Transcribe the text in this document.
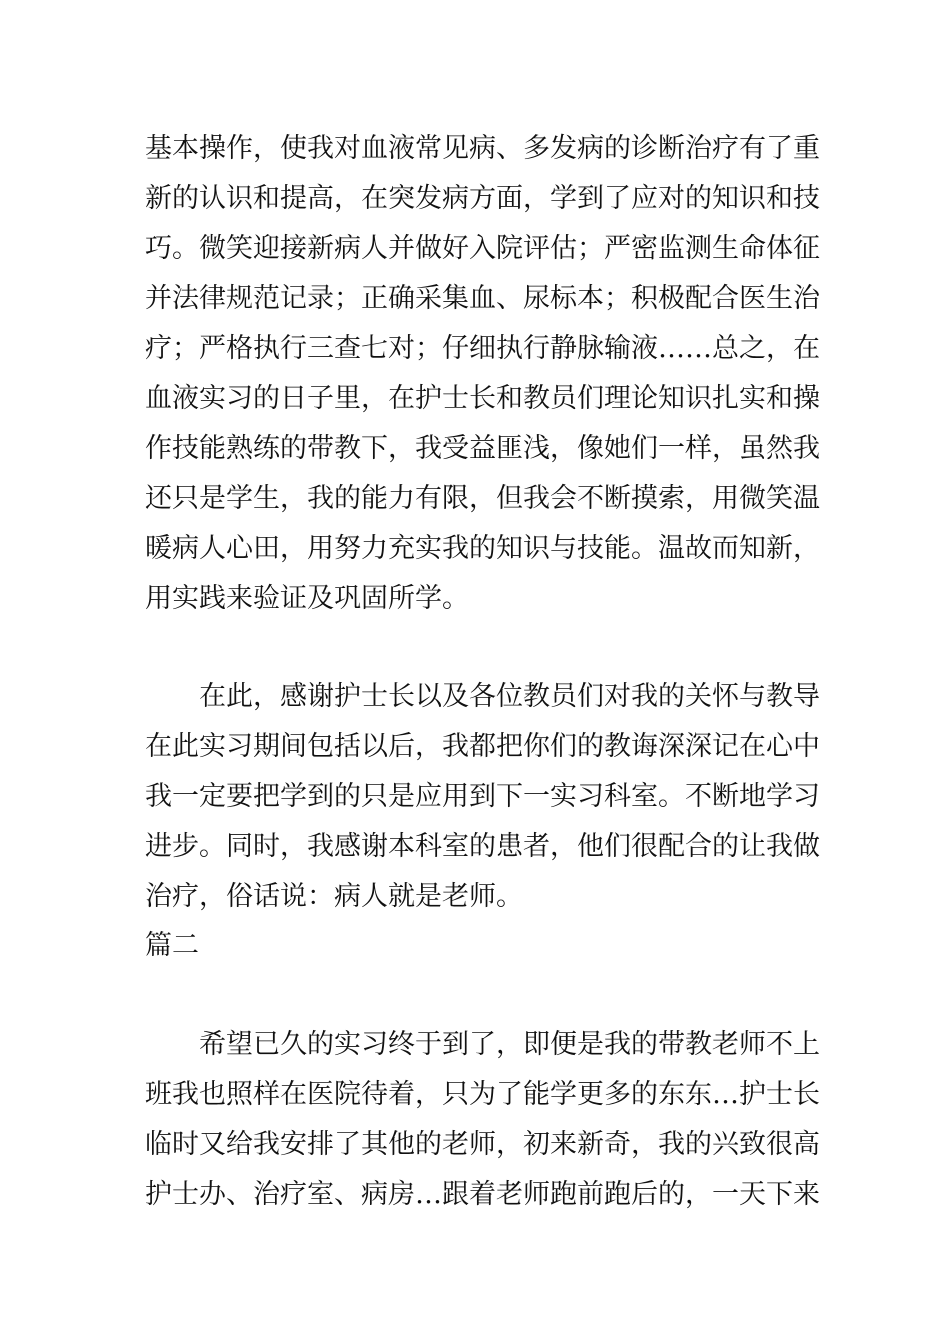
基本操作，使我对血液常见病、多发病的诊断治疗有了重

新的认识和提高，在突发病方面，学到了应对的知识和技

巧。微笑迎接新病人并做好入院评估；严密监测生命体征

并法律规范记录；正确采集血、尿标本；积极配合医生治

疗；严格执行三查七对；仔细执行静脉输液……总之，在

血液实习的日子里，在护士长和教员们理论知识扎实和操

作技能熟练的带教下，我受益匪浅，像她们一样，虽然我

还只是学生，我的能力有限，但我会不断摸索，用微笑温

暖病人心田，用努力充实我的知识与技能。温故而知新，

用实践来验证及巩固所学。

在此，感谢护士长以及各位教员们对我的关怀与教导

在此实习期间包括以后，我都把你们的教诲深深记在心中

我一定要把学到的只是应用到下一实习科室。不断地学习

进步。同时，我感谢本科室的患者，他们很配合的让我做

治疗，俗话说：病人就是老师。

篇二

希望已久的实习终于到了，即便是我的带教老师不上

班我也照样在医院待着，只为了能学更多的东东…护士长

临时又给我安排了其他的老师，初来新奇，我的兴致很高

护士办、治疗室、病房…跟着老师跑前跑后的，一天下来
